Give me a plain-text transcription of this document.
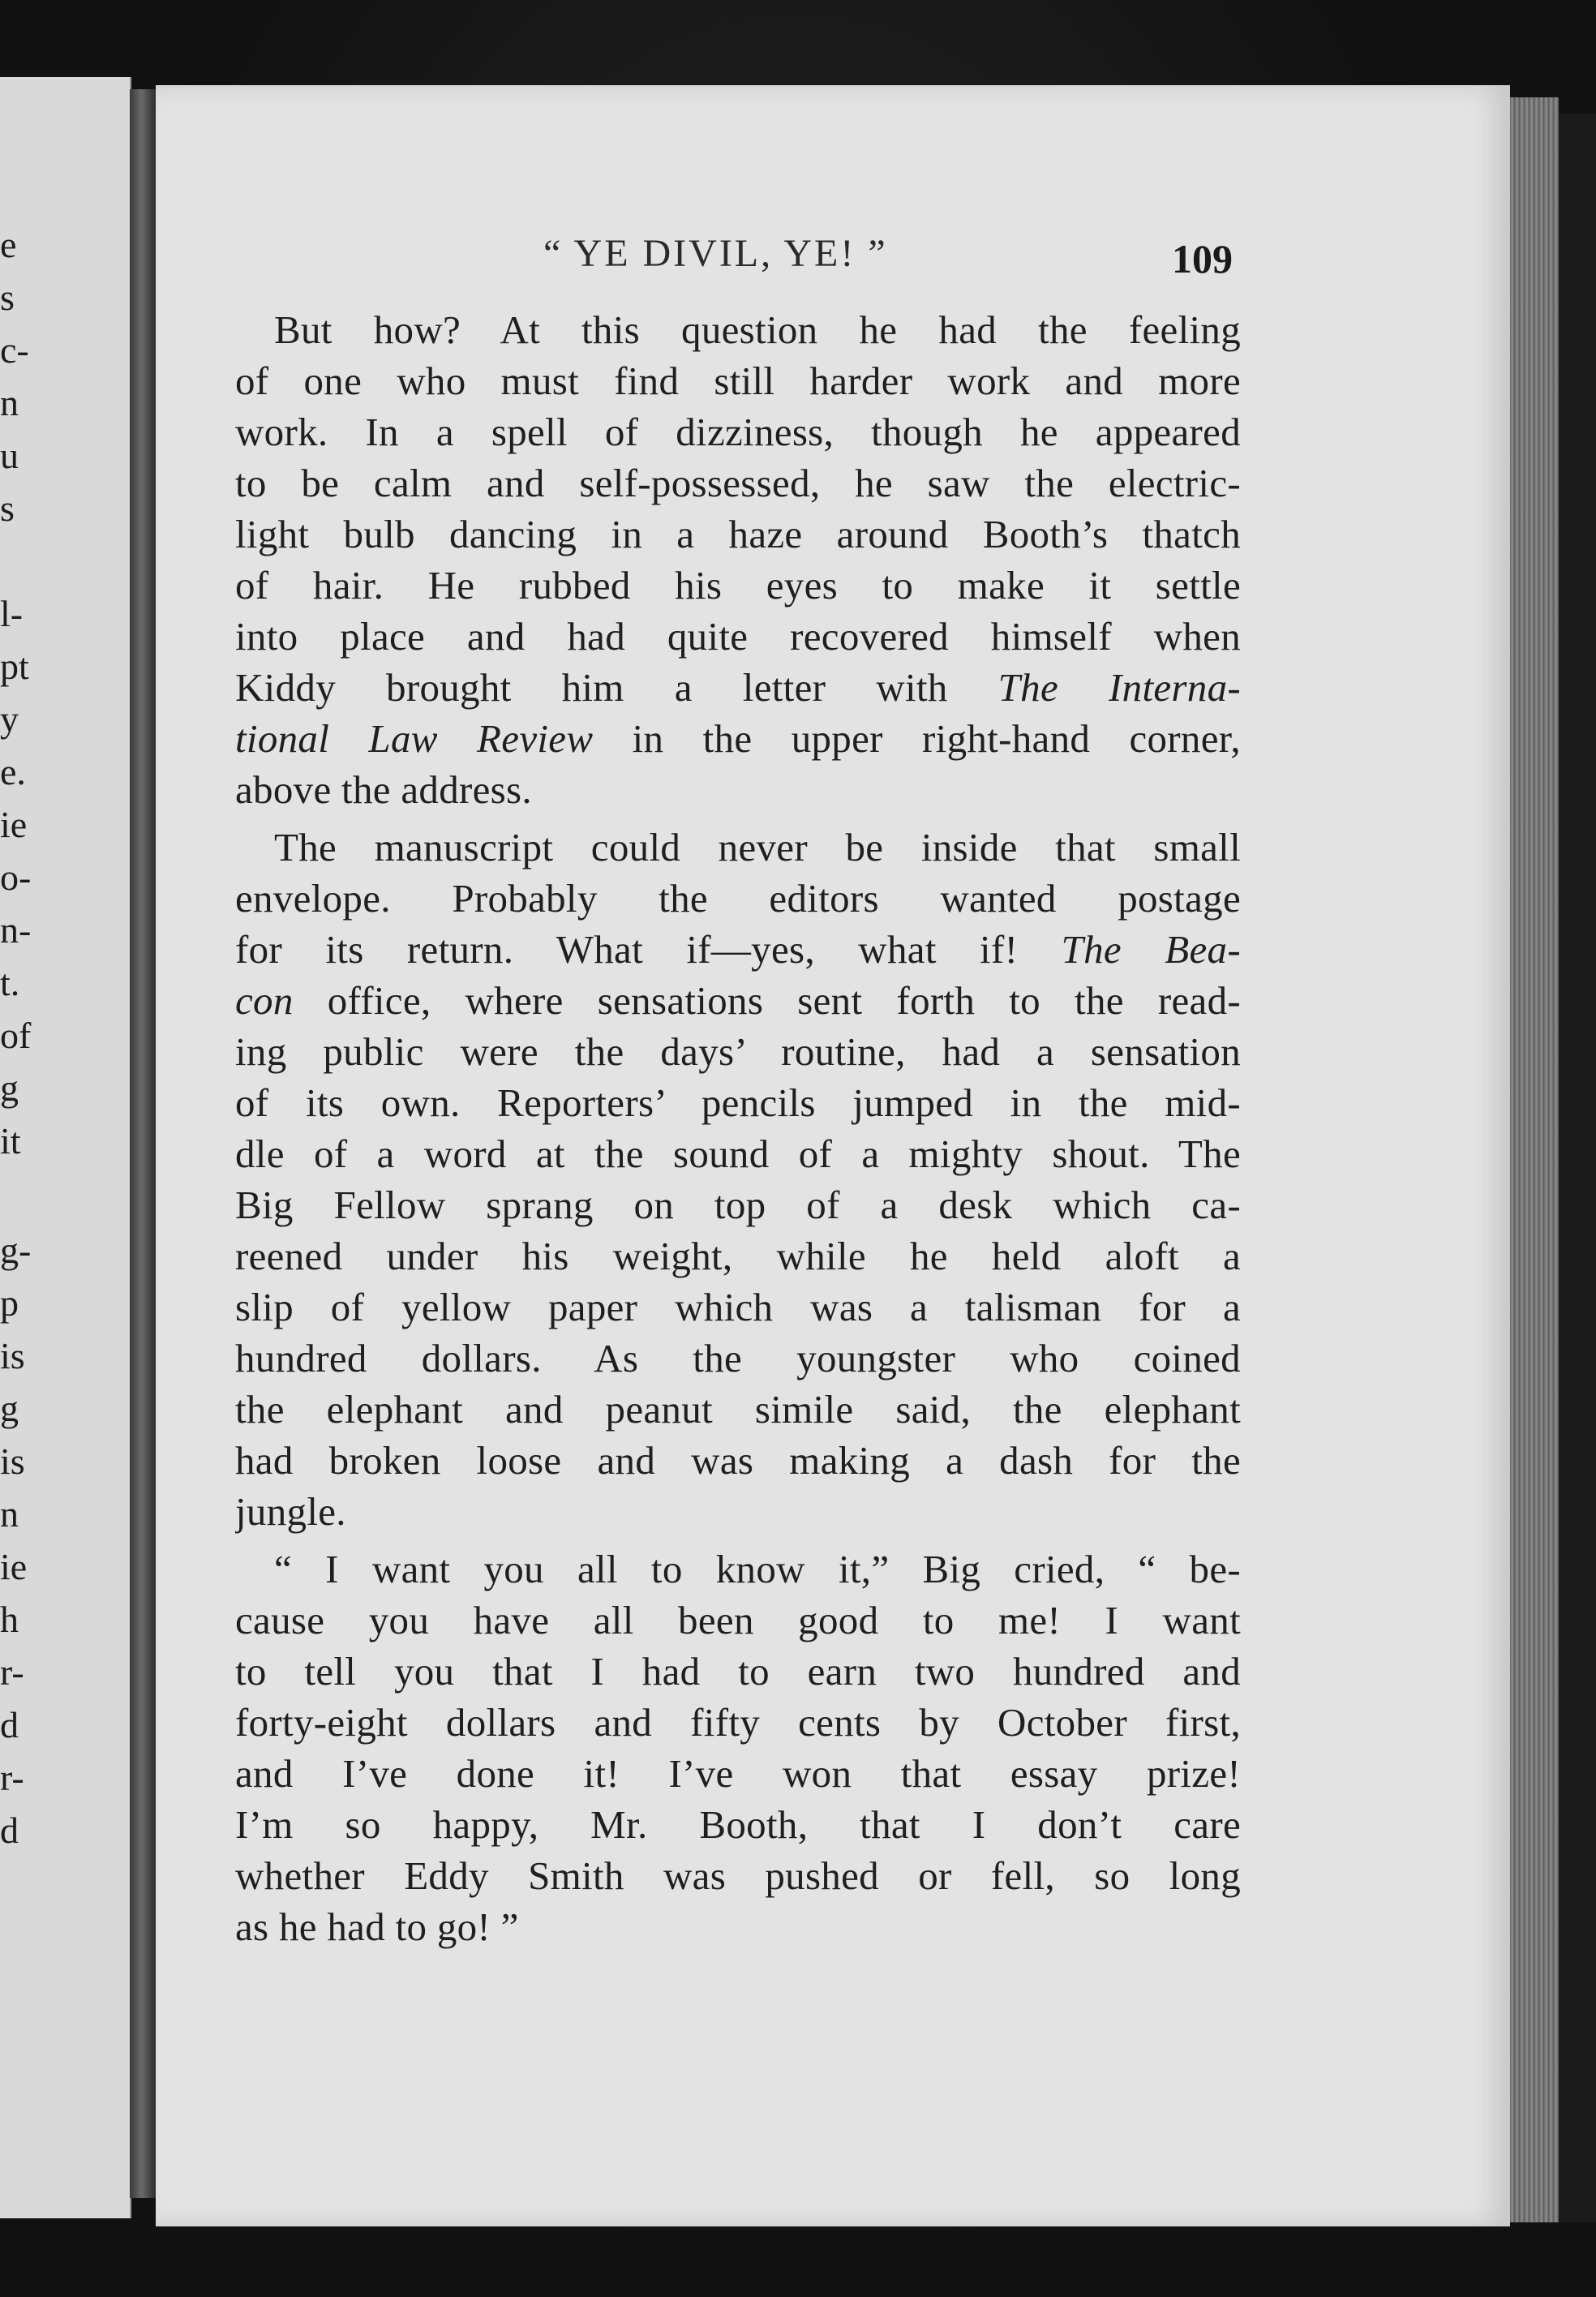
e
s
c-
n
u
s
l-
pt
y
e.
ie
o-
n-
t.
of
g
it
g-
p
is
g
is
n
ie
h
r-
d
r-
d
“ YE DIVIL, YE! ”	109
But how? At this question he had the feeling
of one who must find still harder work and more
work. In a spell of dizziness, though he appeared
to be calm and self-possessed, he saw the electric-
light bulb dancing in a haze around Booth’s thatch
of hair. He rubbed his eyes to make it settle
into place and had quite recovered himself when
Kiddy brought him a letter with The Interna-
tional Law Review in the upper right-hand corner,
above the address.
The manuscript could never be inside that small
envelope. Probably the editors wanted postage
for its return. What if—yes, what if! The Bea-
con office, where sensations sent forth to the read-
ing public were the days’ routine, had a sensation
of its own. Reporters’ pencils jumped in the mid-
dle of a word at the sound of a mighty shout. The
Big Fellow sprang on top of a desk which ca-
reened under his weight, while he held aloft a
slip of yellow paper which was a talisman for a
hundred dollars. As the youngster who coined
the elephant and peanut simile said, the elephant
had broken loose and was making a dash for the
jungle.
“ I want you all to know it,” Big cried, “ be-
cause you have all been good to me! I want
to tell you that I had to earn two hundred and
forty-eight dollars and fifty cents by October first,
and I’ve done it! I’ve won that essay prize!
I’m so happy, Mr. Booth, that I don’t care
whether Eddy Smith was pushed or fell, so long
as he had to go! ”
